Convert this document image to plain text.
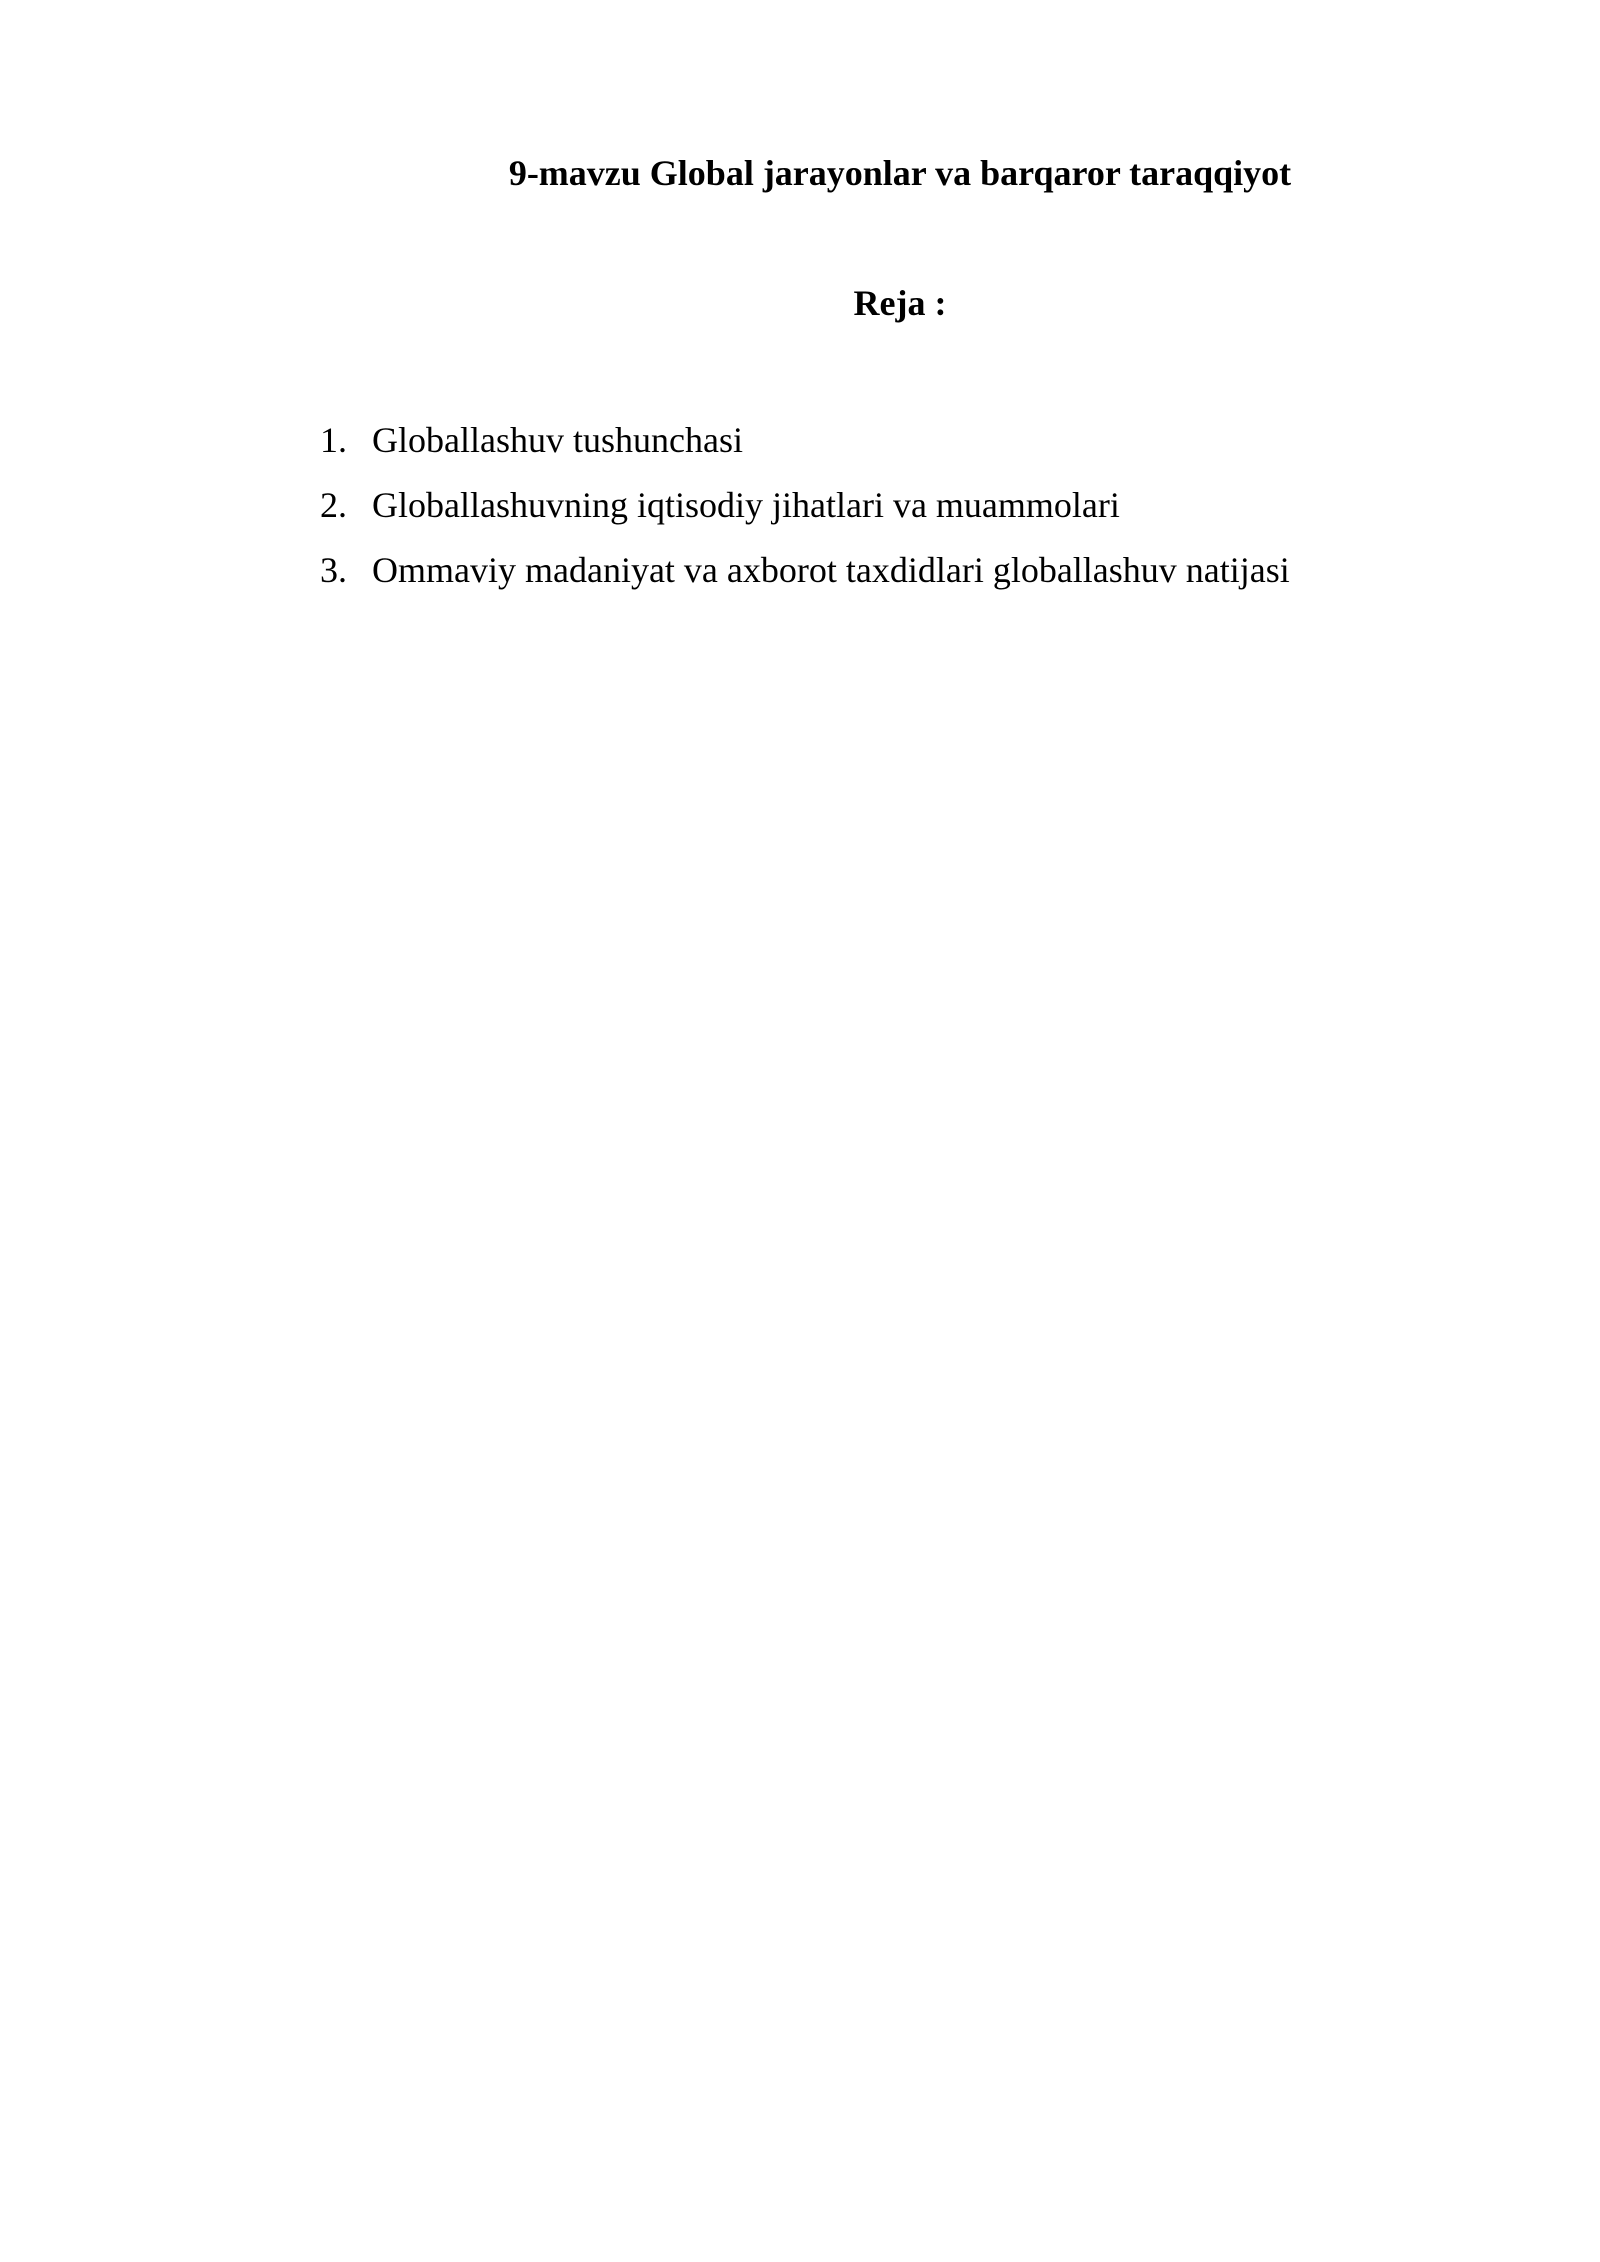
9-mavzu Global jarayonlar va barqaror taraqqiyot
Reja :
1. Globallashuv tushunchasi
2. Globallashuvning iqtisodiy jihatlari va muammolari
3. Ommaviy madaniyat va axborot taxdidlari globallashuv natijasi
